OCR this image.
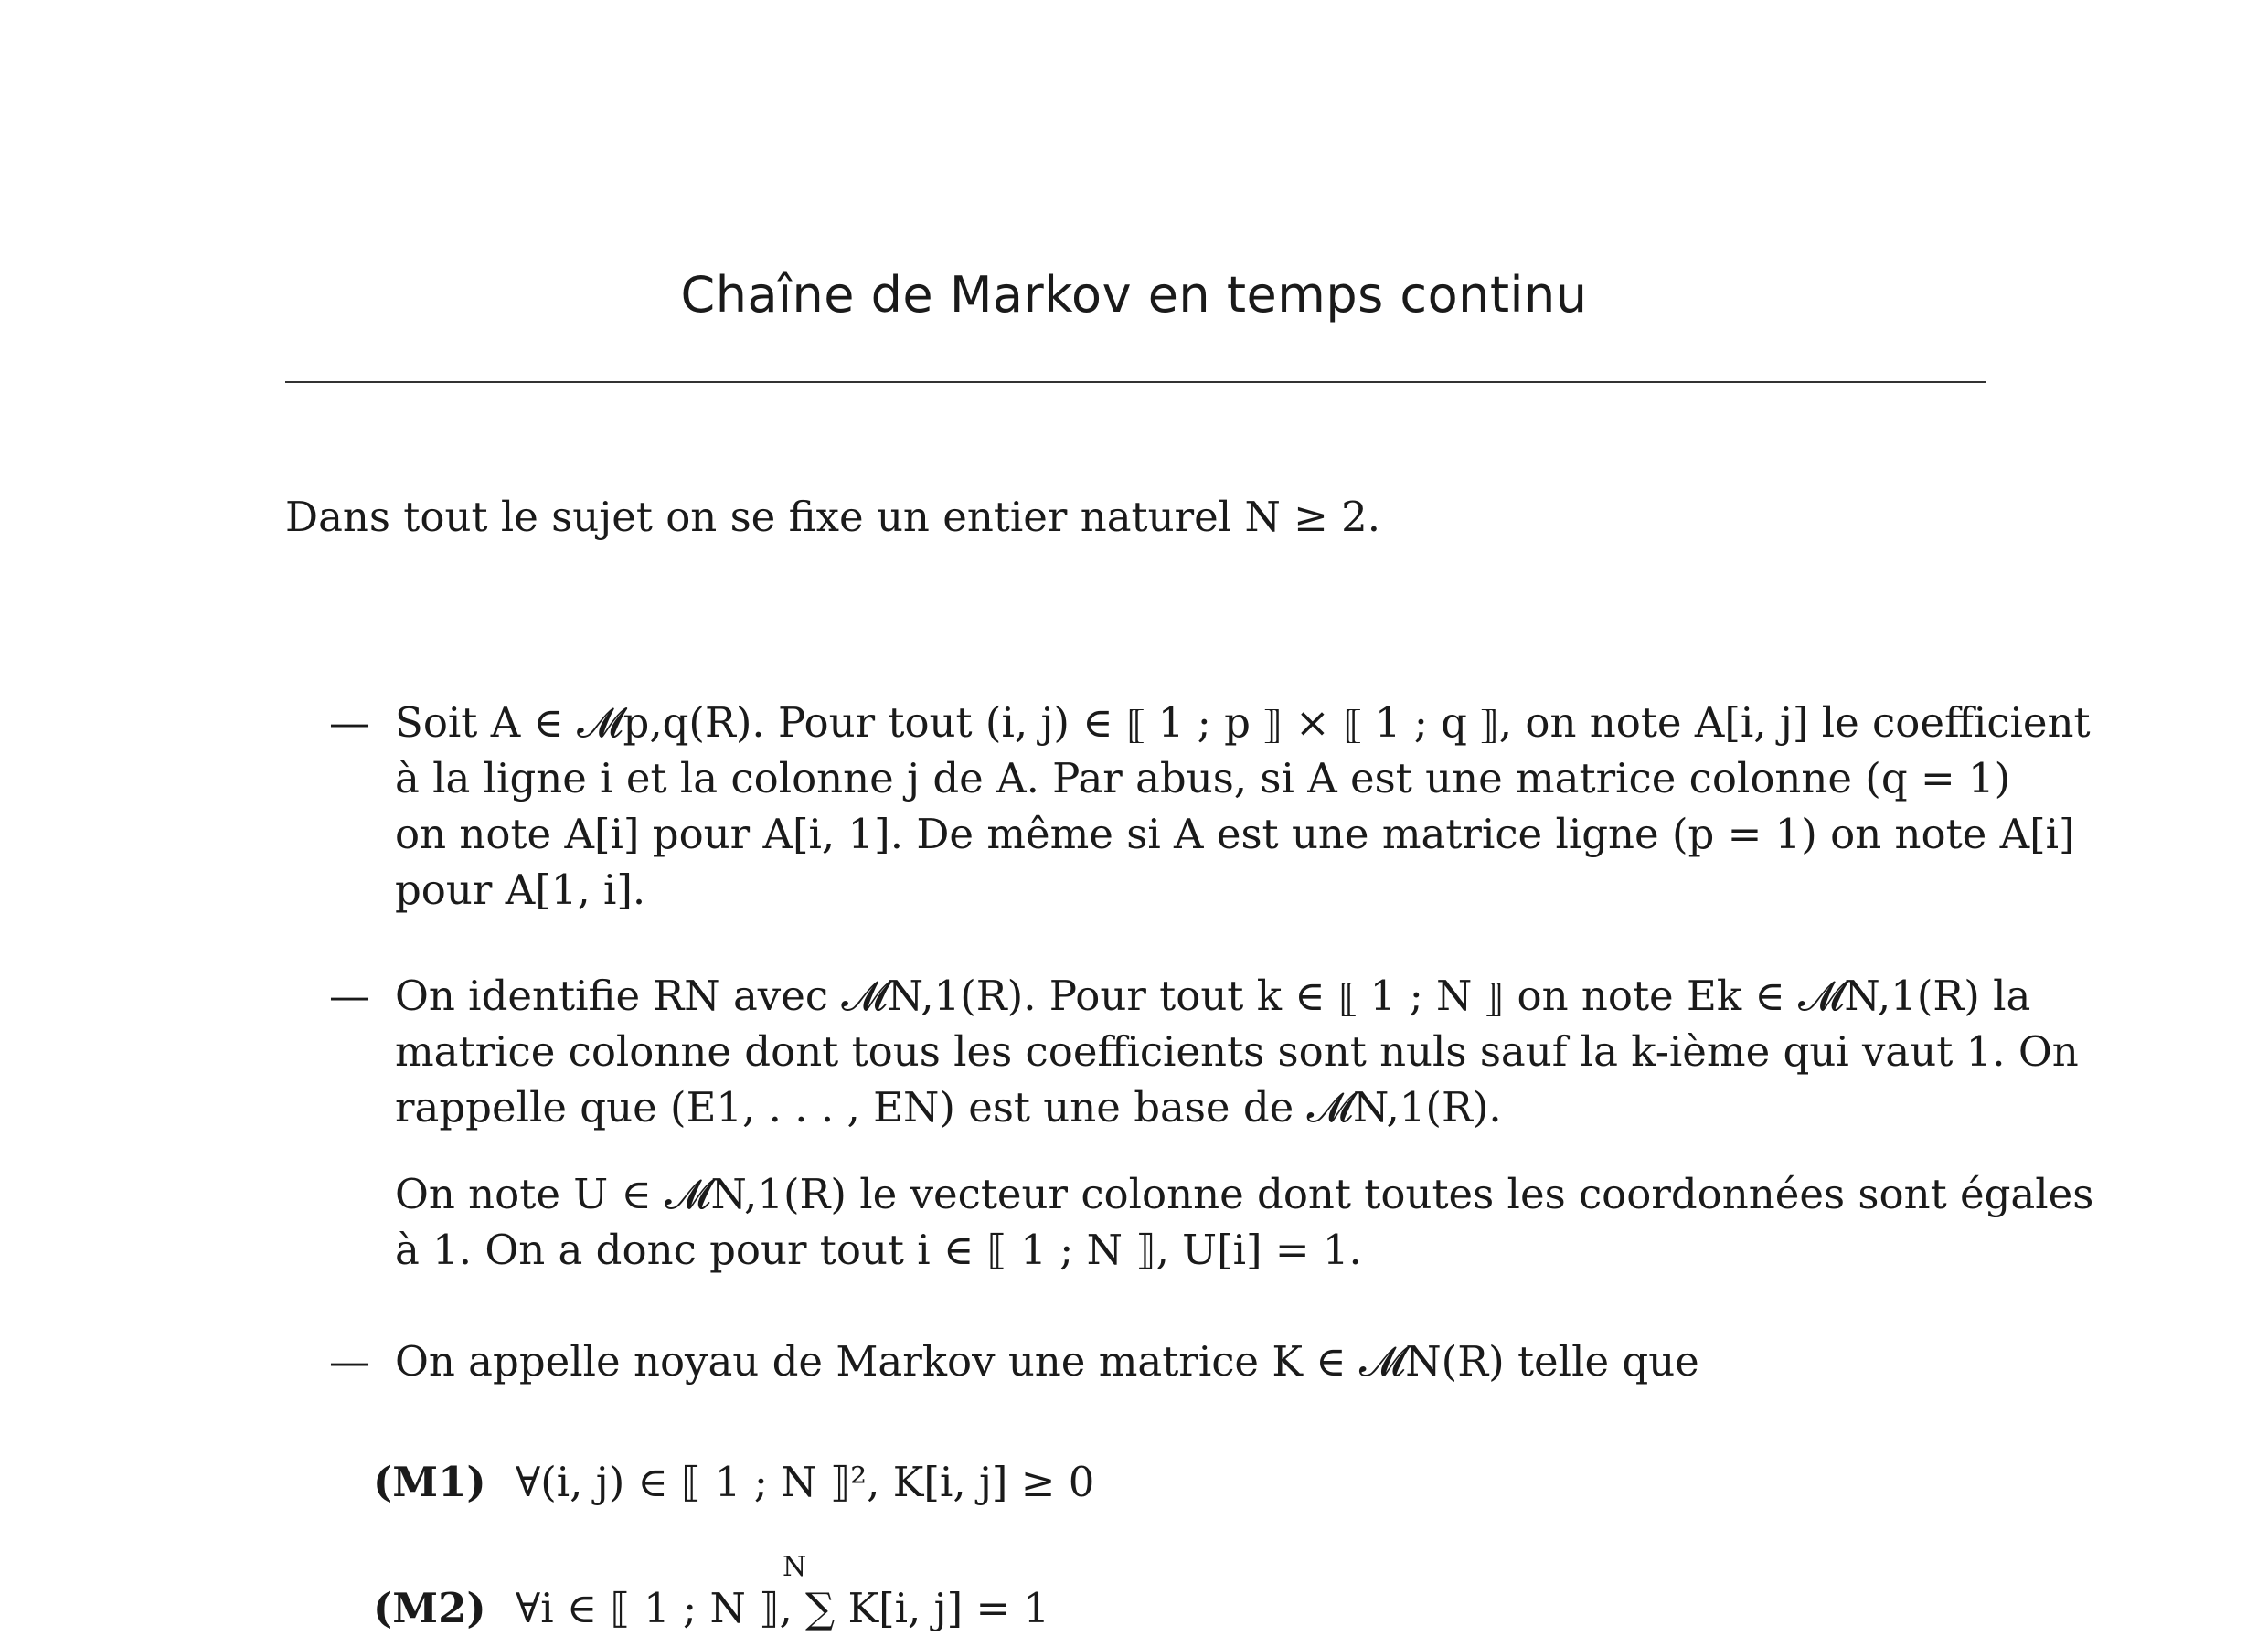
Chaîne de Markov en temps continu
Dans tout le sujet on se fixe un entier naturel N ≥ 2.
— Soit A ∈ 𝓜p,q(R). Pour tout (i, j) ∈ ⟦ 1 ; p ⟧ × ⟦ 1 ; q ⟧, on note A[i, j] le coefficient
à la ligne i et la colonne j de A. Par abus, si A est une matrice colonne (q = 1)
on note A[i] pour A[i, 1]. De même si A est une matrice ligne (p = 1) on note A[i]
pour A[1, i].
— On identifie RN avec 𝓜N,1(R). Pour tout k ∈ ⟦ 1 ; N ⟧ on note Ek ∈ 𝓜N,1(R) la
matrice colonne dont tous les coefficients sont nuls sauf la k-ième qui vaut 1. On
rappelle que (E1, . . . , EN) est une base de 𝓜N,1(R).
On note U ∈ 𝓜N,1(R) le vecteur colonne dont toutes les coordonnées sont égales
à 1. On a donc pour tout i ∈ ⟦ 1 ; N ⟧, U[i] = 1.
— On appelle noyau de Markov une matrice K ∈ 𝓜N(R) telle que
(M1) ∀(i, j) ∈ ⟦ 1 ; N ⟧², K[i, j] ≥ 0
N
(M2) ∀i ∈ ⟦ 1 ; N ⟧, ∑ K[i, j] = 1
